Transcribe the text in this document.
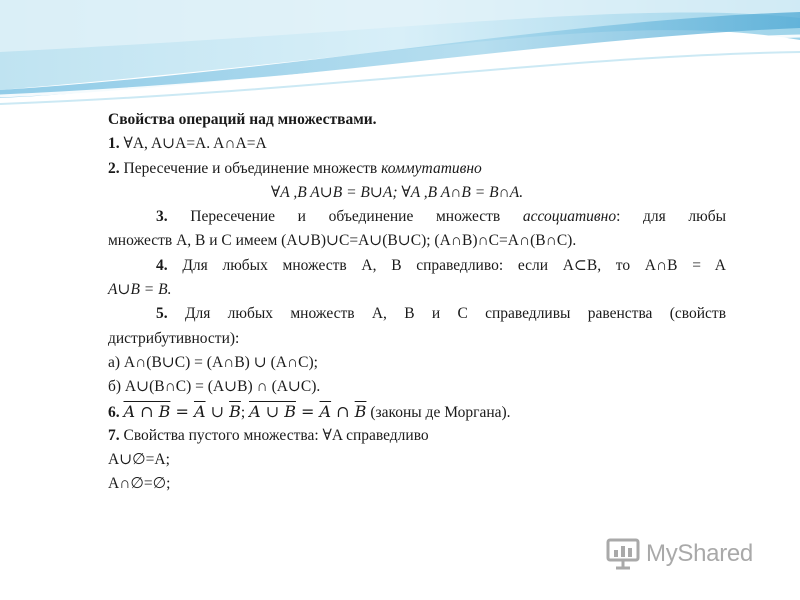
Свойства операций над множествами.
1. ∀A, A∪A=A. A∩A=A
2. Пересечение и объединение множеств коммутативно
∀A ,B A∪B = B∪A; ∀A ,B A∩B = B∩A.
3. Пересечение и объединение множеств ассоциативно: для любы
множеств A, B и C имеем (A∪B)∪C=A∪(B∪C); (A∩B)∩C=A∩(B∩C).
4. Для любых множеств A, B справедливо: если A⊂B, то A∩B = A
A∪B = B.
5. Для любых множеств A, B и C справедливы равенства (свойств
дистрибутивности):
а) A∩(B∪C) = (A∩B) ∪ (A∩C);
б) A∪(B∩C) = (A∪B) ∩ (A∪C).
6. A ∩ $B = \overline{A}$ ∪ $\overline{B}$; A ∪ $B = \overline{A}$ ∩ $\overline{B}$ (законы де Моргана).
7. Свойства пустого множества: ∀A справедливо
A∪∅=A;
A∩∅=∅;
MyShared
